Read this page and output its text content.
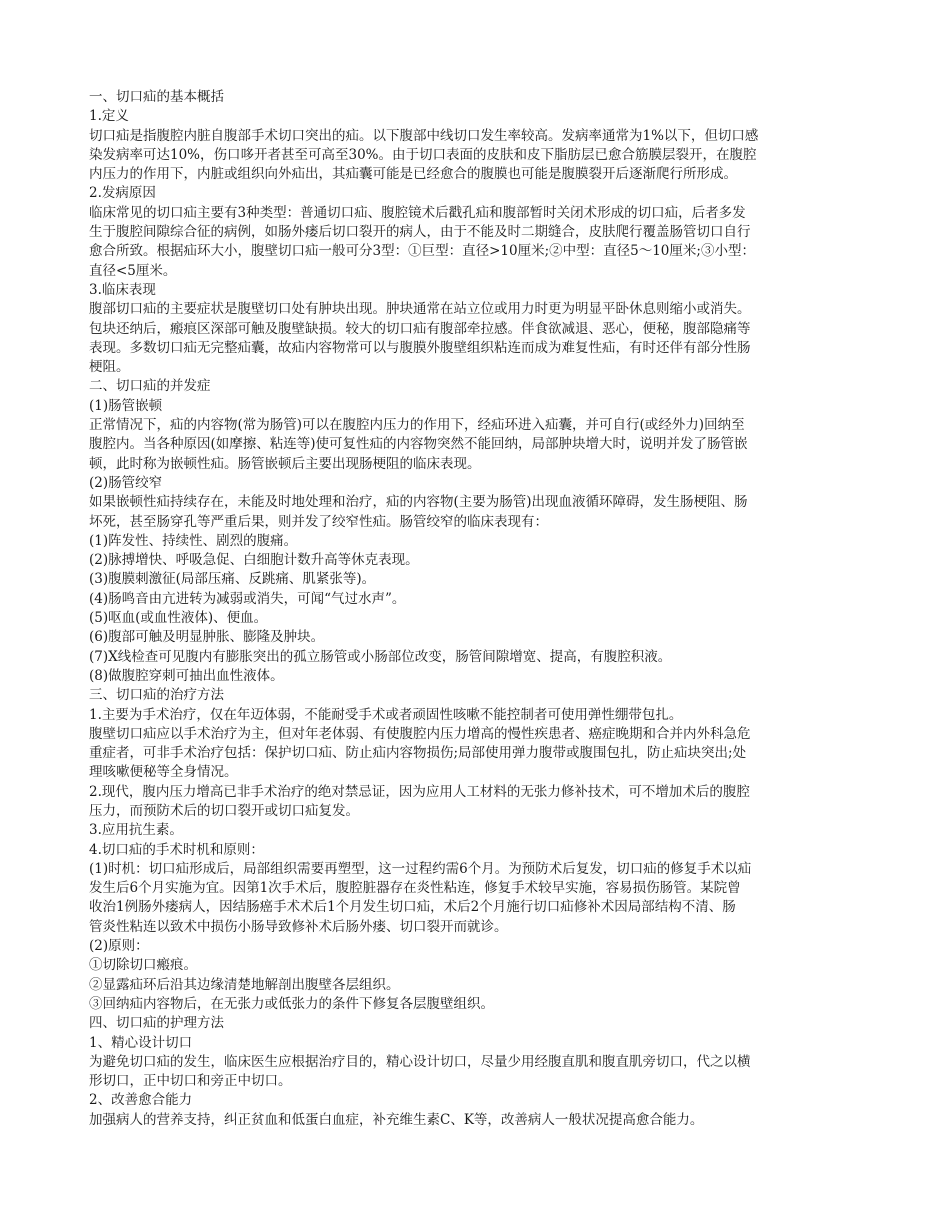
一、切口疝的基本概括
1.定义
切口疝是指腹腔内脏自腹部手术切口突出的疝。以下腹部中线切口发生率较高。发病率通常为1%以下，但切口感
染发病率可达10%，伤口哆开者甚至可高至30%。由于切口表面的皮肤和皮下脂肪层已愈合筋膜层裂开，在腹腔
内压力的作用下，内脏或组织向外疝出，其疝囊可能是已经愈合的腹膜也可能是腹膜裂开后逐渐爬行所形成。
2.发病原因
临床常见的切口疝主要有3种类型：普通切口疝、腹腔镜术后戳孔疝和腹部暂时关闭术形成的切口疝，后者多发
生于腹腔间隙综合征的病例，如肠外瘘后切口裂开的病人，由于不能及时二期缝合，皮肤爬行覆盖肠管切口自行
愈合所致。根据疝环大小，腹壁切口疝一般可分3型：①巨型：直径>10厘米;②中型：直径5～10厘米;③小型：
直径<5厘米。
3.临床表现
腹部切口疝的主要症状是腹壁切口处有肿块出现。肿块通常在站立位或用力时更为明显平卧休息则缩小或消失。
包块还纳后，瘢痕区深部可触及腹壁缺损。较大的切口疝有腹部牵拉感。伴食欲减退、恶心，便秘，腹部隐痛等
表现。多数切口疝无完整疝囊，故疝内容物常可以与腹膜外腹壁组织粘连而成为难复性疝，有时还伴有部分性肠
梗阻。
二、切口疝的并发症
(1)肠管嵌顿
正常情况下，疝的内容物(常为肠管)可以在腹腔内压力的作用下，经疝环进入疝囊，并可自行(或经外力)回纳至
腹腔内。当各种原因(如摩擦、粘连等)使可复性疝的内容物突然不能回纳，局部肿块增大时，说明并发了肠管嵌
顿，此时称为嵌顿性疝。肠管嵌顿后主要出现肠梗阻的临床表现。
(2)肠管绞窄
如果嵌顿性疝持续存在，未能及时地处理和治疗，疝的内容物(主要为肠管)出现血液循环障碍，发生肠梗阻、肠
坏死，甚至肠穿孔等严重后果，则并发了绞窄性疝。肠管绞窄的临床表现有：
(1)阵发性、持续性、剧烈的腹痛。
(2)脉搏增快、呼吸急促、白细胞计数升高等休克表现。
(3)腹膜刺激征(局部压痛、反跳痛、肌紧张等)。
(4)肠鸣音由亢进转为减弱或消失，可闻“气过水声”。
(5)呕血(或血性液体)、便血。
(6)腹部可触及明显肿胀、膨隆及肿块。
(7)X线检查可见腹内有膨胀突出的孤立肠管或小肠部位改变，肠管间隙增宽、提高，有腹腔积液。
(8)做腹腔穿刺可抽出血性液体。
三、切口疝的治疗方法
1.主要为手术治疗，仅在年迈体弱，不能耐受手术或者顽固性咳嗽不能控制者可使用弹性绷带包扎。
腹壁切口疝应以手术治疗为主，但对年老体弱、有使腹腔内压力增高的慢性疾患者、癌症晚期和合并内外科急危
重症者，可非手术治疗包括：保护切口疝、防止疝内容物损伤;局部使用弹力腹带或腹围包扎，防止疝块突出;处
理咳嗽便秘等全身情况。
2.现代，腹内压力增高已非手术治疗的绝对禁忌证，因为应用人工材料的无张力修补技术，可不增加术后的腹腔
压力，而预防术后的切口裂开或切口疝复发。
3.应用抗生素。
4.切口疝的手术时机和原则：
(1)时机：切口疝形成后，局部组织需要再塑型，这一过程约需6个月。为预防术后复发，切口疝的修复手术以疝
发生后6个月实施为宜。因第1次手术后，腹腔脏器存在炎性粘连，修复手术较早实施，容易损伤肠管。某院曾
收治1例肠外瘘病人，因结肠癌手术术后1个月发生切口疝，术后2个月施行切口疝修补术因局部结构不清、肠
管炎性粘连以致术中损伤小肠导致修补术后肠外瘘、切口裂开而就诊。
(2)原则：
①切除切口瘢痕。
②显露疝环后沿其边缘清楚地解剖出腹壁各层组织。
③回纳疝内容物后，在无张力或低张力的条件下修复各层腹壁组织。
四、切口疝的护理方法
1、精心设计切口
为避免切口疝的发生，临床医生应根据治疗目的，精心设计切口，尽量少用经腹直肌和腹直肌旁切口，代之以横
形切口，正中切口和旁正中切口。
2、改善愈合能力
加强病人的营养支持，纠正贫血和低蛋白血症，补充维生素C、K等，改善病人一般状况提高愈合能力。
